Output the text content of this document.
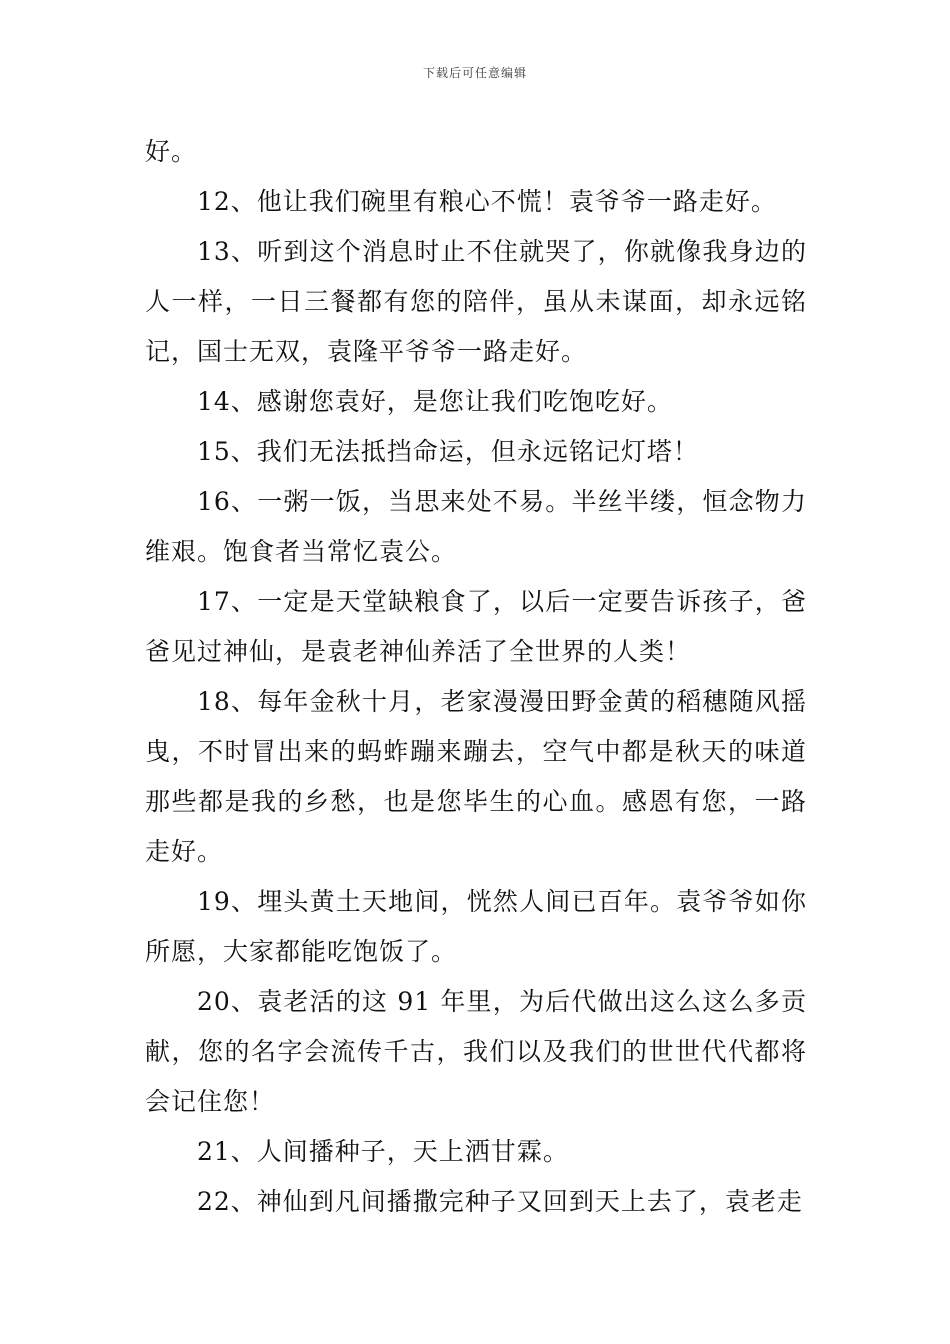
下载后可任意编辑

好。

12、他让我们碗里有粮心不慌！袁爷爷一路走好。

13、听到这个消息时止不住就哭了，你就像我身边的人一样，一日三餐都有您的陪伴，虽从未谋面，却永远铭记，国士无双，袁隆平爷爷一路走好。

14、感谢您袁好，是您让我们吃饱吃好。

15、我们无法抵挡命运，但永远铭记灯塔！

16、一粥一饭，当思来处不易。半丝半缕，恒念物力维艰。饱食者当常忆袁公。

17、一定是天堂缺粮食了，以后一定要告诉孩子，爸爸见过神仙，是袁老神仙养活了全世界的人类！

18、每年金秋十月，老家漫漫田野金黄的稻穗随风摇曳，不时冒出来的蚂蚱蹦来蹦去，空气中都是秋天的味道那些都是我的乡愁，也是您毕生的心血。感恩有您，一路走好。

19、埋头黄土天地间，恍然人间已百年。袁爷爷如你所愿，大家都能吃饱饭了。

20、袁老活的这 91 年里，为后代做出这么这么多贡献，您的名字会流传千古，我们以及我们的世世代代都将会记住您！

21、人间播种子，天上洒甘霖。

22、神仙到凡间播撒完种子又回到天上去了，袁老走
